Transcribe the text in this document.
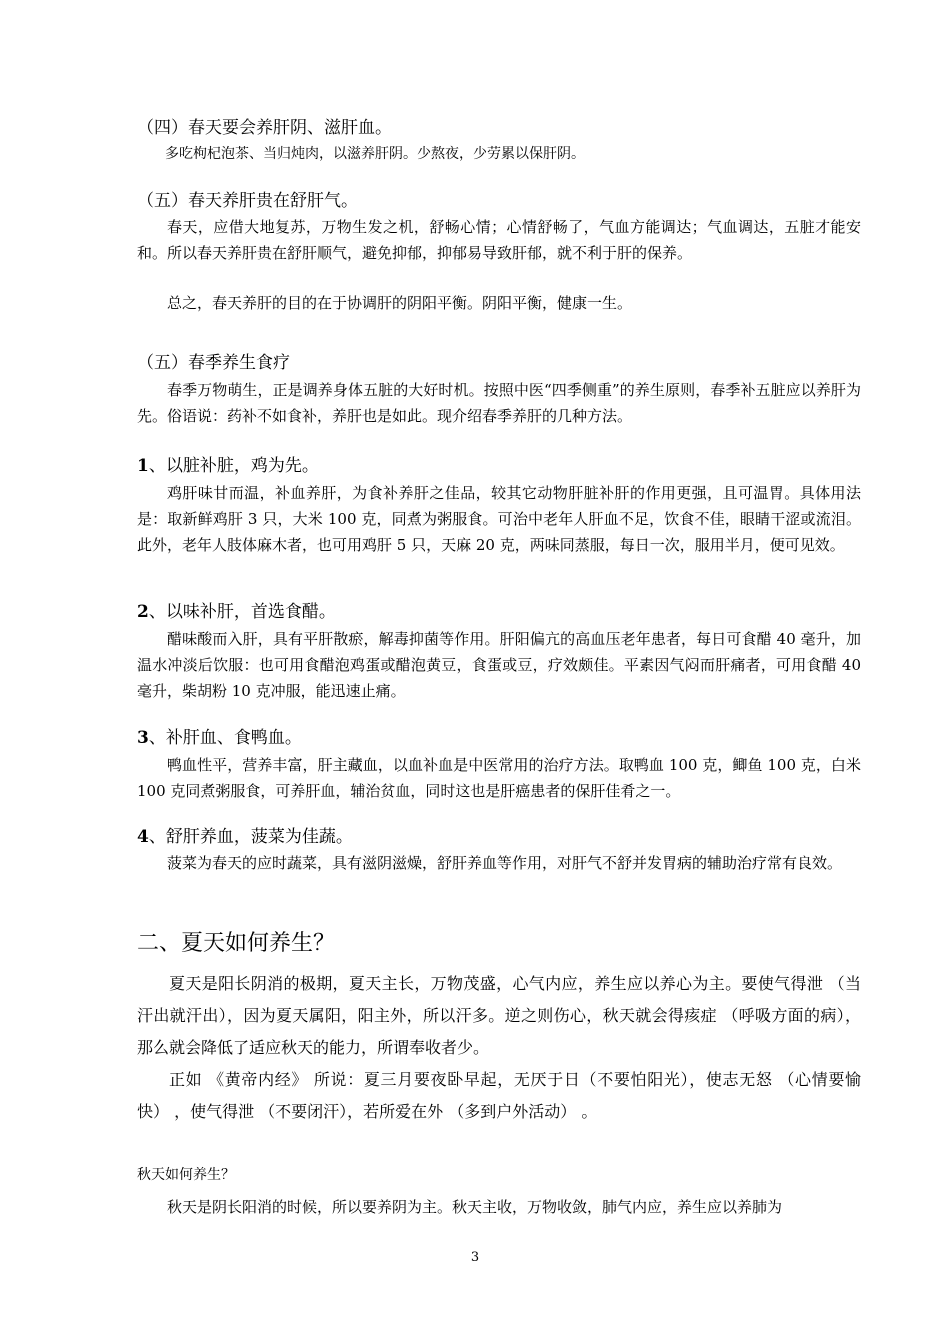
（四）春天要会养肝阴、滋肝血。

多吃枸杞泡茶、当归炖肉，以滋养肝阴。少熬夜，少劳累以保肝阴。

（五）春天养肝贵在舒肝气。

春天，应借大地复苏，万物生发之机，舒畅心情；心情舒畅了，气血方能调达；气血调达，五脏才能安和。所以春天养肝贵在舒肝顺气，避免抑郁，抑郁易导致肝郁，就不利于肝的保养。

总之，春天养肝的目的在于协调肝的阴阳平衡。阴阳平衡，健康一生。

（五）春季养生食疗

春季万物萌生，正是调养身体五脏的大好时机。按照中医“四季侧重”的养生原则，春季补五脏应以养肝为先。俗语说：药补不如食补，养肝也是如此。现介绍春季养肝的几种方法。

1、以脏补脏，鸡为先。

鸡肝味甘而温，补血养肝，为食补养肝之佳品，较其它动物肝脏补肝的作用更强，且可温胃。具体用法是：取新鲜鸡肝 3 只，大米 100 克，同煮为粥服食。可治中老年人肝血不足，饮食不佳，眼睛干涩或流泪。此外，老年人肢体麻木者，也可用鸡肝 5 只，天麻 20 克，两味同蒸服，每日一次，服用半月，便可见效。

2、以味补肝，首选食醋。

醋味酸而入肝，具有平肝散瘀，解毒抑菌等作用。肝阳偏亢的高血压老年患者，每日可食醋 40 毫升，加温水冲淡后饮服：也可用食醋泡鸡蛋或醋泡黄豆，食蛋或豆，疗效颇佳。平素因气闷而肝痛者，可用食醋 40 毫升，柴胡粉 10 克冲服，能迅速止痛。

3、补肝血、食鸭血。

鸭血性平，营养丰富，肝主藏血，以血补血是中医常用的治疗方法。取鸭血 100 克，鲫鱼 100 克，白米 100 克同煮粥服食，可养肝血，辅治贫血，同时这也是肝癌患者的保肝佳肴之一。

4、舒肝养血，菠菜为佳蔬。

菠菜为春天的应时蔬菜，具有滋阴滋燥，舒肝养血等作用，对肝气不舒并发胃病的辅助治疗常有良效。

二、夏天如何养生？

夏天是阳长阴消的极期，夏天主长，万物茂盛，心气内应，养生应以养心为主。要使气得泄 （当汗出就汗出），因为夏天属阳，阳主外，所以汗多。逆之则伤心，秋天就会得痎症 （呼吸方面的病），那么就会降低了适应秋天的能力，所谓奉收者少。

正如 《黄帝内经》 所说：夏三月要夜卧早起，无厌于日（不要怕阳光），使志无怒 （心情要愉快） ，使气得泄 （不要闭汗），若所爱在外 （多到户外活动） 。

秋天如何养生？

秋天是阴长阳消的时候，所以要养阴为主。秋天主收，万物收敛，肺气内应，养生应以养肺为

3
